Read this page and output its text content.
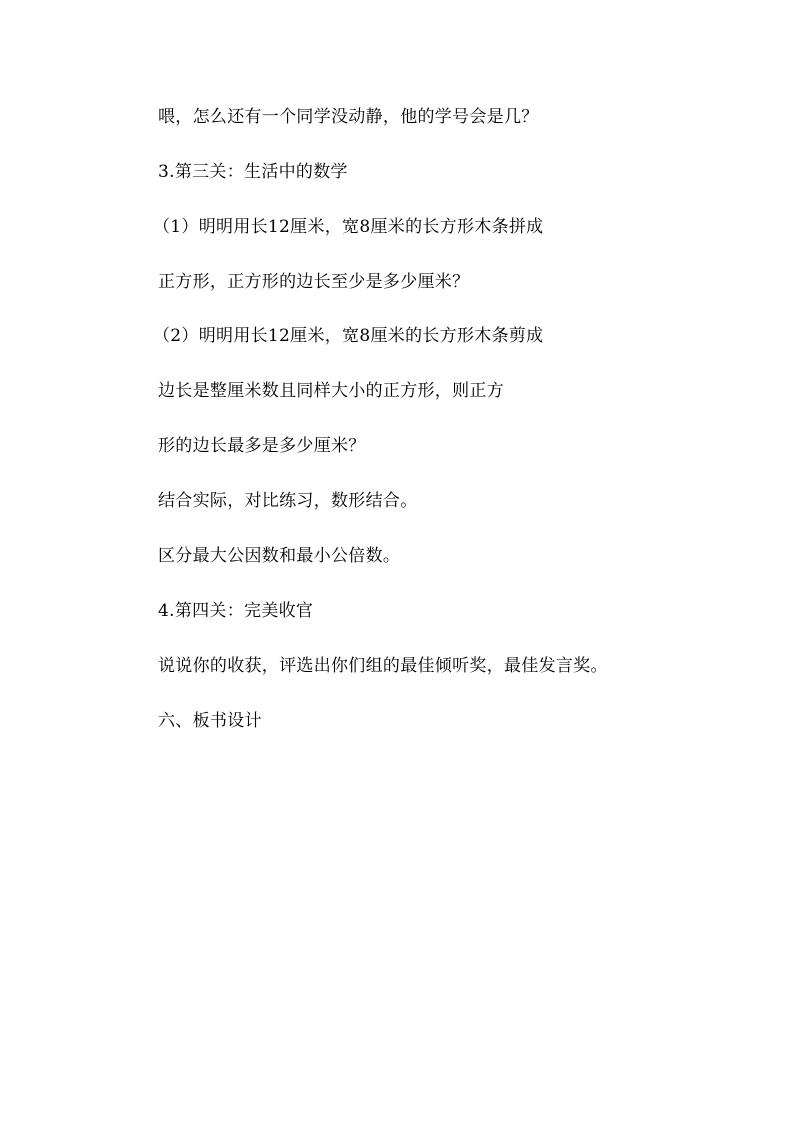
喂，怎么还有一个同学没动静，他的学号会是几？
3.第三关：生活中的数学
（1）明明用长12厘米，宽8厘米的长方形木条拼成
正方形，正方形的边长至少是多少厘米？
（2）明明用长12厘米，宽8厘米的长方形木条剪成
边长是整厘米数且同样大小的正方形，则正方
形的边长最多是多少厘米？
结合实际，对比练习，数形结合。
区分最大公因数和最小公倍数。
4.第四关：完美收官
说说你的收获，评选出你们组的最佳倾听奖，最佳发言奖。
六、板书设计
